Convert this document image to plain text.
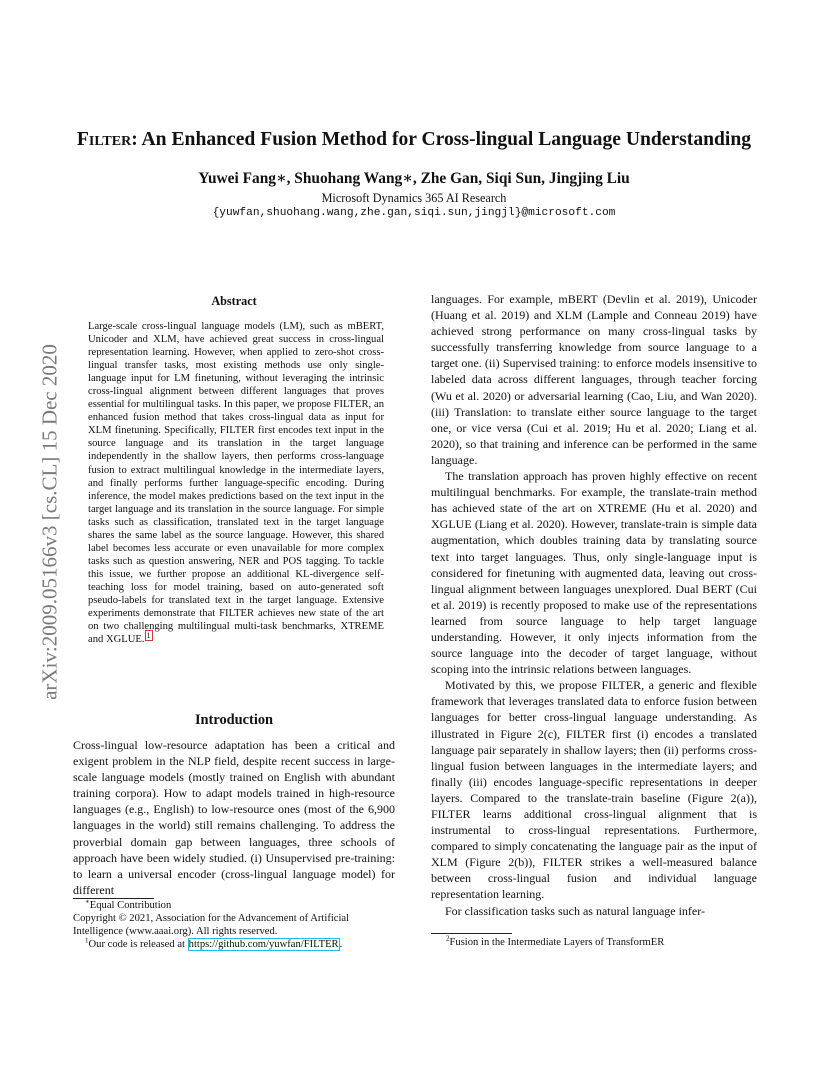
Filter: An Enhanced Fusion Method for Cross-lingual Language Understanding
Yuwei Fang∗, Shuohang Wang∗, Zhe Gan, Siqi Sun, Jingjing Liu
Microsoft Dynamics 365 AI Research
{yuwfan,shuohang.wang,zhe.gan,siqi.sun,jingjl}@microsoft.com
arXiv:2009.05166v3 [cs.CL] 15 Dec 2020
Abstract
Large-scale cross-lingual language models (LM), such as mBERT, Unicoder and XLM, have achieved great success in cross-lingual representation learning. However, when applied to zero-shot cross-lingual transfer tasks, most existing methods use only single-language input for LM finetuning, without leveraging the intrinsic cross-lingual alignment between different languages that proves essential for multilingual tasks. In this paper, we propose FILTER, an enhanced fusion method that takes cross-lingual data as input for XLM finetuning. Specifically, FILTER first encodes text input in the source language and its translation in the target language independently in the shallow layers, then performs cross-language fusion to extract multilingual knowledge in the intermediate layers, and finally performs further language-specific encoding. During inference, the model makes predictions based on the text input in the target language and its translation in the source language. For simple tasks such as classification, translated text in the target language shares the same label as the source language. However, this shared label becomes less accurate or even unavailable for more complex tasks such as question answering, NER and POS tagging. To tackle this issue, we further propose an additional KL-divergence self-teaching loss for model training, based on auto-generated soft pseudo-labels for translated text in the target language. Extensive experiments demonstrate that FILTER achieves new state of the art on two challenging multilingual multi-task benchmarks, XTREME and XGLUE. $^1$
Introduction

Cross-lingual low-resource adaptation has been a critical and exigent problem in the NLP field, despite recent success in large-scale language models (mostly trained on English with abundant training corpora). How to adapt models trained in high-resource languages (e.g., English) to low-resource ones (most of the 6,900 languages in the world) still remains challenging. To address the proverbial domain gap between languages, three schools of approach have been widely studied. (i) Unsupervised pre-training: to learn a universal encoder (cross-lingual language model) for different

∗Equal Contribution

Copyright © 2021, Association for the Advancement of Artificial Intelligence (www.aaai.org). All rights reserved.

$^1$Our code is released at https://github.com/yuwfan/FILTER.

languages. For example, mBERT (Devlin et al. 2019), Unicoder (Huang et al. 2019) and XLM (Lample and Conneau 2019) have achieved strong performance on many cross-lingual tasks by successfully transferring knowledge from source language to a target one. (ii) Supervised training: to enforce models insensitive to labeled data across different languages, through teacher forcing (Wu et al. 2020) or adversarial learning (Cao, Liu, and Wan 2020). (iii) Translation: to translate either source language to the target one, or vice versa (Cui et al. 2019; Hu et al. 2020; Liang et al. 2020), so that training and inference can be performed in the same language.

The translation approach has proven highly effective on recent multilingual benchmarks. For example, the translate-train method has achieved state of the art on XTREME (Hu et al. 2020) and XGLUE (Liang et al. 2020). However, translate-train is simple data augmentation, which doubles training data by translating source text into target languages. Thus, only single-language input is considered for finetuning with augmented data, leaving out cross-lingual alignment between languages unexplored. Dual BERT (Cui et al. 2019) is recently proposed to make use of the representations learned from source language to help target language understanding. However, it only injects information from the source language into the decoder of target language, without scoping into the intrinsic relations between languages.

Motivated by this, we propose FILTER, a generic and flexible framework that leverages translated data to enforce fusion between languages for better cross-lingual language understanding. As illustrated in Figure 2(c), FILTER first (i) encodes a translated language pair separately in shallow layers; then (ii) performs cross-lingual fusion between languages in the intermediate layers; and finally (iii) encodes language-specific representations in deeper layers. Compared to the translate-train baseline (Figure 2(a)), FILTER learns additional cross-lingual alignment that is instrumental to cross-lingual representations. Furthermore, compared to simply concatenating the language pair as the input of XLM (Figure 2(b)), FILTER strikes a well-measured balance between cross-lingual fusion and individual language representation learning.

For classification tasks such as natural language infer-

$^2$Fusion in the Intermediate Layers of TransformER
